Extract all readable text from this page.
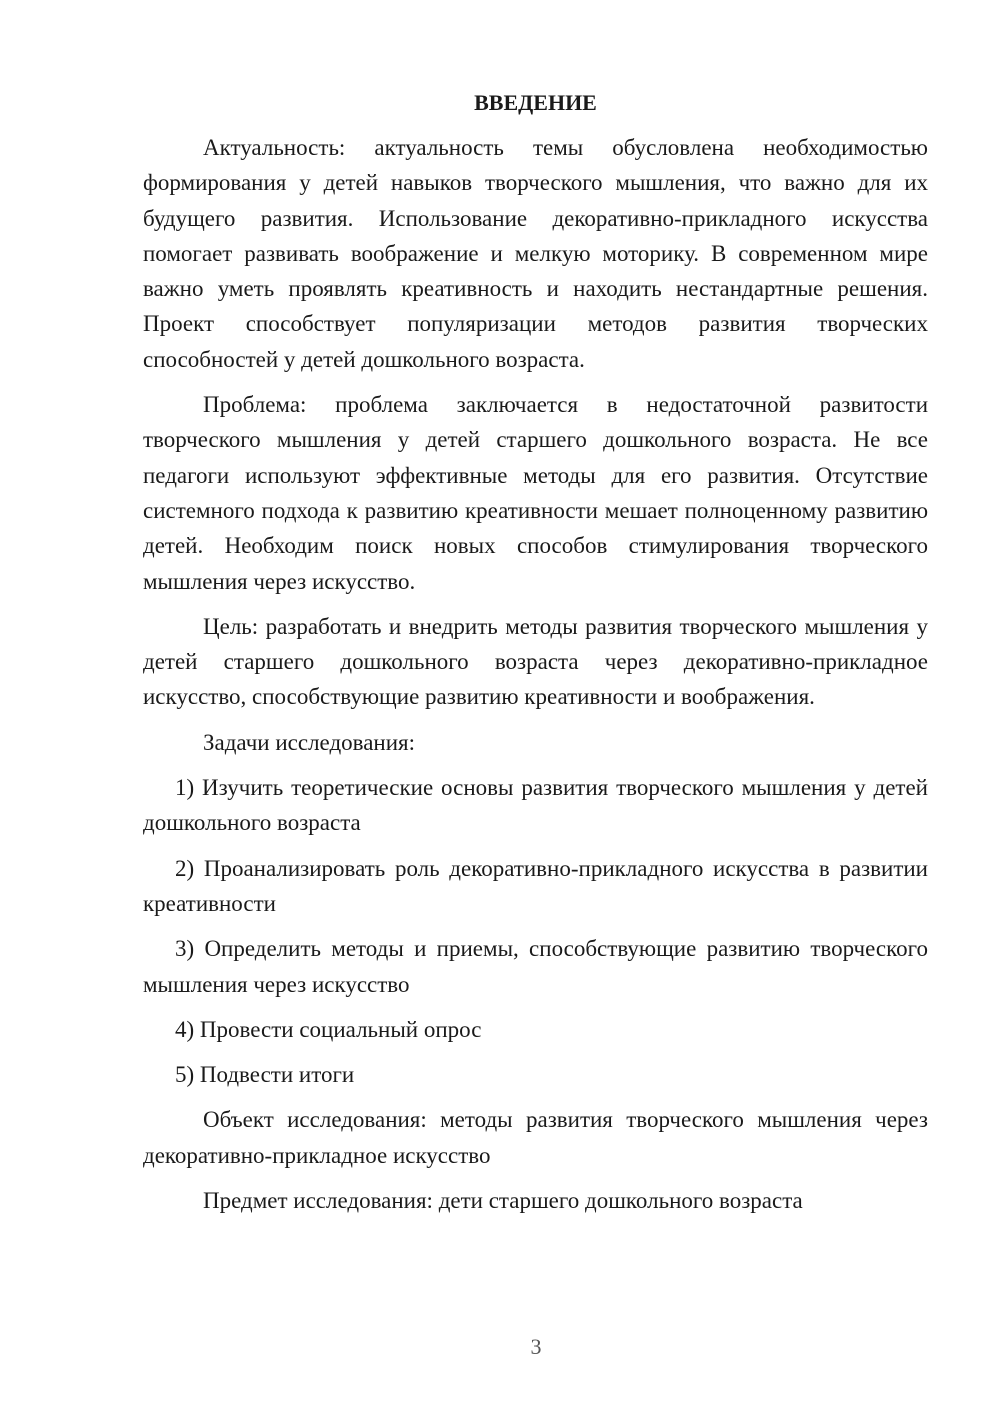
ВВЕДЕНИЕ

Актуальность: актуальность темы обусловлена необходимостью формирования у детей навыков творческого мышления, что важно для их будущего развития. Использование декоративно-прикладного искусства помогает развивать воображение и мелкую моторику. В современном мире важно уметь проявлять креативность и находить нестандартные решения. Проект способствует популяризации методов развития творческих способностей у детей дошкольного возраста.

Проблема: проблема заключается в недостаточной развитости творческого мышления у детей старшего дошкольного возраста. Не все педагоги используют эффективные методы для его развития. Отсутствие системного подхода к развитию креативности мешает полноценному развитию детей. Необходим поиск новых способов стимулирования творческого мышления через искусство.

Цель: разработать и внедрить методы развития творческого мышления у детей старшего дошкольного возраста через декоративно-прикладное искусство, способствующие развитию креативности и воображения.

Задачи исследования:

1) Изучить теоретические основы развития творческого мышления у детей дошкольного возраста

2) Проанализировать роль декоративно-прикладного искусства в развитии креативности

3) Определить методы и приемы, способствующие развитию творческого мышления через искусство

4) Провести социальный опрос

5) Подвести итоги

Объект исследования: методы развития творческого мышления через декоративно-прикладное искусство

Предмет исследования: дети старшего дошкольного возраста

3
